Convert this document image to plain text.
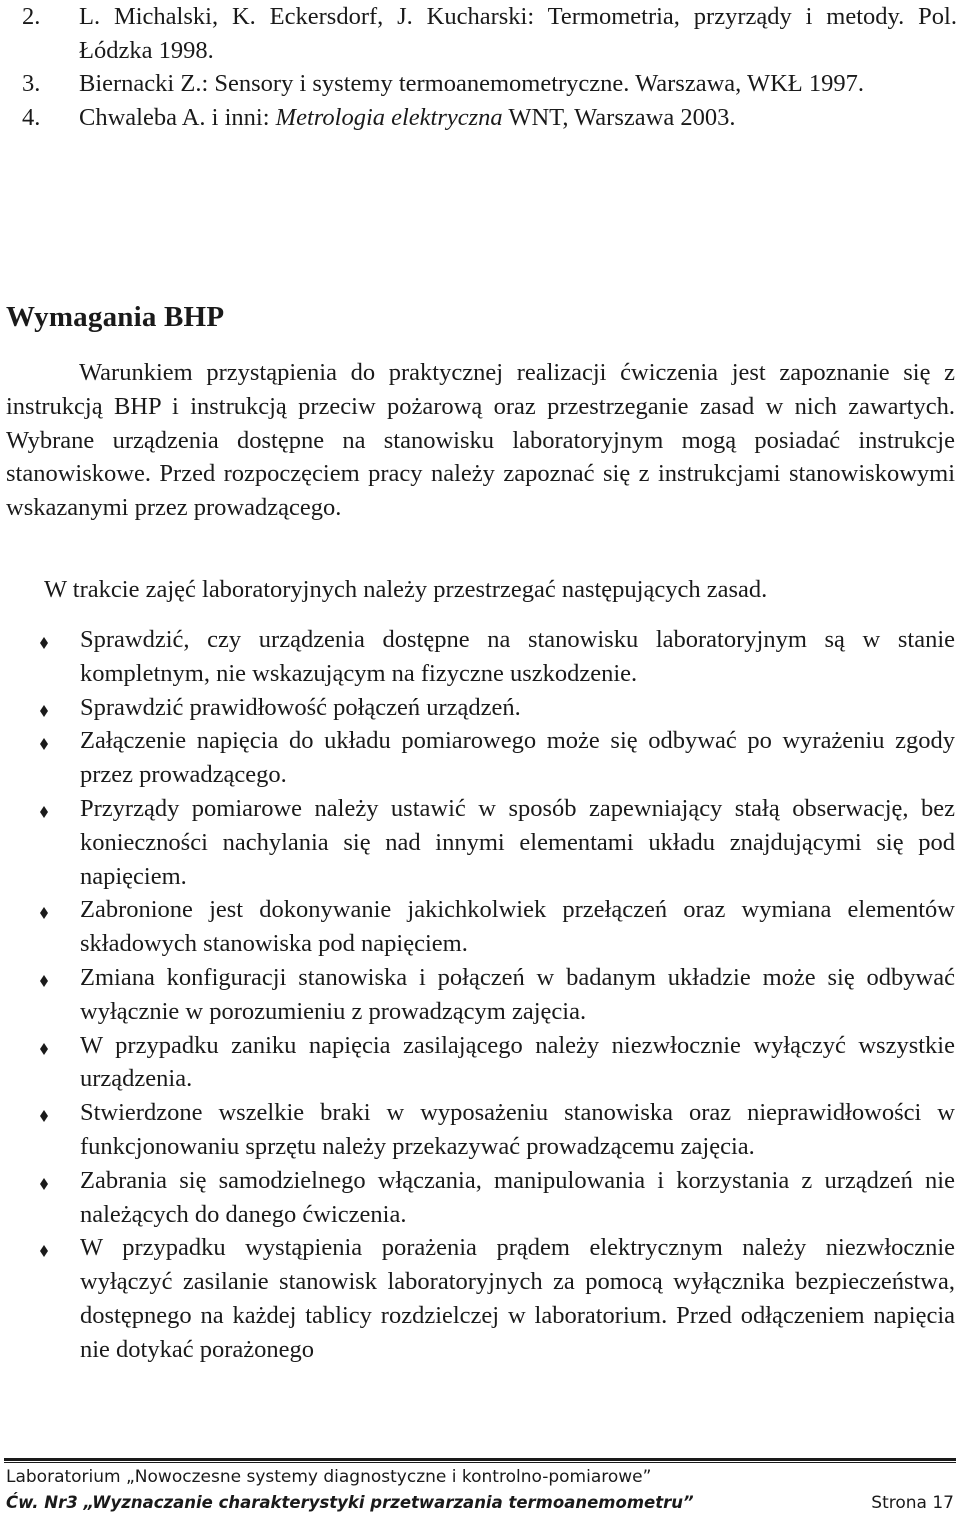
2.	L. Michalski, K. Eckersdorf, J. Kucharski: Termometria, przyrządy i metody. Pol. Łódzka 1998.
3.	Biernacki Z.: Sensory i systemy termoanemometryczne. Warszawa, WKŁ 1997.
4.	Chwaleba A. i inni: Metrologia elektryczna WNT, Warszawa 2003.
Wymagania BHP

Warunkiem przystąpienia do praktycznej realizacji ćwiczenia jest zapoznanie się z instrukcją BHP i instrukcją przeciw pożarową oraz przestrzeganie zasad w nich zawartych. Wybrane urządzenia dostępne na stanowisku laboratoryjnym mogą posiadać instrukcje stanowiskowe. Przed rozpoczęciem pracy należy zapoznać się z instrukcjami stanowiskowymi wskazanymi przez prowadzącego.

W trakcie zajęć laboratoryjnych należy przestrzegać następujących zasad.

Sprawdzić, czy urządzenia dostępne na stanowisku laboratoryjnym są w stanie kompletnym, nie wskazującym na fizyczne uszkodzenie.
Sprawdzić prawidłowość połączeń urządzeń.
Załączenie napięcia do układu pomiarowego może się odbywać po wyrażeniu zgody przez prowadzącego.
Przyrządy pomiarowe należy ustawić w sposób zapewniający stałą obserwację, bez konieczności nachylania się nad innymi elementami układu znajdującymi się pod napięciem.
Zabronione jest dokonywanie jakichkolwiek przełączeń oraz wymiana elementów składowych stanowiska pod napięciem.
Zmiana konfiguracji stanowiska i połączeń w badanym układzie może się odbywać wyłącznie w porozumieniu z prowadzącym zajęcia.
W przypadku zaniku napięcia zasilającego należy niezwłocznie wyłączyć wszystkie urządzenia.
Stwierdzone wszelkie braki w wyposażeniu stanowiska oraz nieprawidłowości w funkcjonowaniu sprzętu należy przekazywać prowadzącemu zajęcia.
Zabrania się samodzielnego włączania, manipulowania i korzystania z urządzeń nie należących do danego ćwiczenia.
W przypadku wystąpienia porażenia prądem elektrycznym należy niezwłocznie wyłączyć zasilanie stanowisk laboratoryjnych za pomocą wyłącznika bezpieczeństwa, dostępnego na każdej tablicy rozdzielczej w laboratorium. Przed odłączeniem napięcia nie dotykać porażonego
Laboratorium „Nowoczesne systemy diagnostyczne i kontrolno-pomiarowe”
Ćw. Nr3 „Wyznaczanie charakterystyki przetwarzania termoanemometru”	Strona 17
